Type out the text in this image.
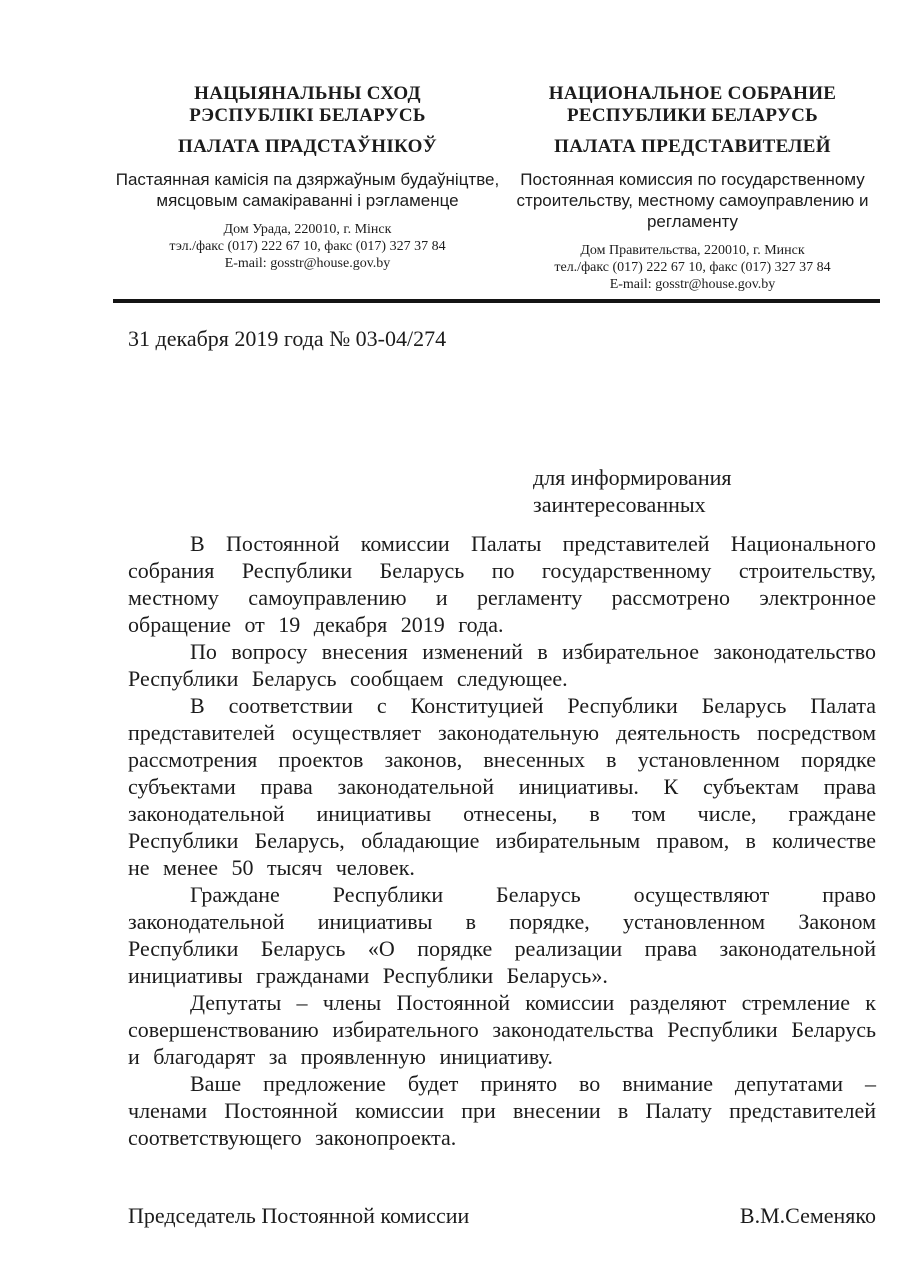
НАЦЫЯНАЛЬНЫ СХОД
РЭСПУБЛІКІ БЕЛАРУСЬ
ПАЛАТА ПРАДСТАЎНІКОЎ
Пастаянная камісія па дзяржаўным будаўніцтве, мясцовым самакіраванні і рэгламенце
Дом Урада, 220010, г. Мінск
тэл./факс (017) 222 67 10, факс (017) 327 37 84
E-mail: gosstr@house.gov.by
НАЦИОНАЛЬНОЕ СОБРАНИЕ
РЕСПУБЛИКИ БЕЛАРУСЬ
ПАЛАТА ПРЕДСТАВИТЕЛЕЙ
Постоянная комиссия по государственному строительству, местному самоуправлению и регламенту
Дом Правительства, 220010, г. Минск
тел./факс (017) 222 67 10, факс (017) 327 37 84
E-mail: gosstr@house.gov.by
31 декабря 2019 года № 03-04/274
для информирования
заинтересованных

В Постоянной комиссии Палаты представителей Национального собрания Республики Беларусь по государственному строительству, местному самоуправлению и регламенту рассмотрено электронное обращение от 19 декабря 2019 года.

По вопросу внесения изменений в избирательное законодательство Республики Беларусь сообщаем следующее.

В соответствии с Конституцией Республики Беларусь Палата представителей осуществляет законодательную деятельность посредством рассмотрения проектов законов, внесенных в установленном порядке субъектами права законодательной инициативы. К субъектам права законодательной инициативы отнесены, в том числе, граждане Республики Беларусь, обладающие избирательным правом, в количестве не менее 50 тысяч человек.

Граждане Республики Беларусь осуществляют право законодательной инициативы в порядке, установленном Законом Республики Беларусь «О порядке реализации права законодательной инициативы гражданами Республики Беларусь».

Депутаты – члены Постоянной комиссии разделяют стремление к совершенствованию избирательного законодательства Республики Беларусь и благодарят за проявленную инициативу.

Ваше предложение будет принято во внимание депутатами – членами Постоянной комиссии при внесении в Палату представителей соответствующего законопроекта.

Председатель Постоянной комиссии	В.М.Семеняко
